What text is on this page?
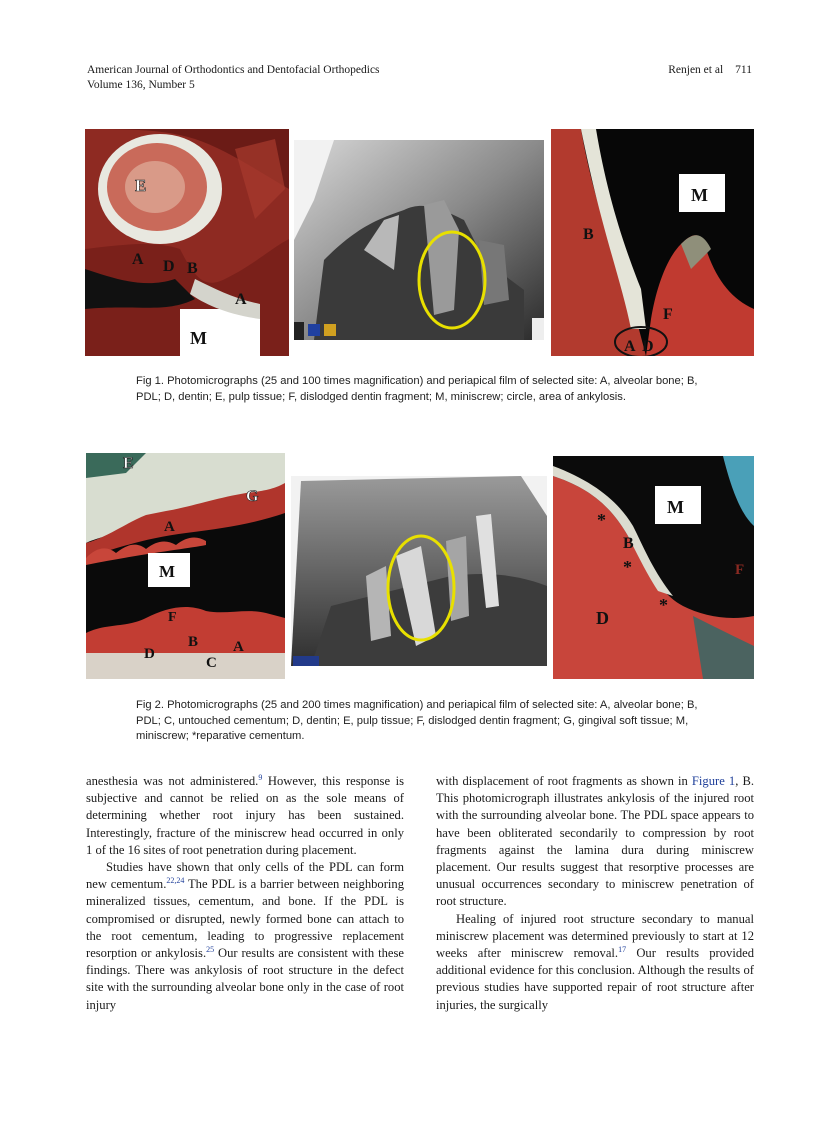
American Journal of Orthodontics and Dentofacial Orthopedics
Volume 136, Number 5
Renjen et al 711
E
A D B
A
M
M
B
F
A D
Fig 1. Photomicrographs (25 and 100 times magnification) and periapical film of selected site: A, alveolar bone; B, PDL; D, dentin; E, pulp tissue; F, dislodged dentin fragment; M, miniscrew; circle, area of ankylosis.
E
G
A
M
F
D
B
C
A
M
B
D
F
*
*
*
Fig 2. Photomicrographs (25 and 200 times magnification) and periapical film of selected site: A, alveolar bone; B, PDL; C, untouched cementum; D, dentin; E, pulp tissue; F, dislodged dentin fragment; G, gingival soft tissue; M, miniscrew; *reparative cementum.

anesthesia was not administered.$^9$ However, this response is subjective and cannot be relied on as the sole means of determining whether root injury has been sustained. Interestingly, fracture of the miniscrew head occurred in only 1 of the 16 sites of root penetration during placement.

Studies have shown that only cells of the PDL can form new cementum.$^{22,24}$ The PDL is a barrier between neighboring mineralized tissues, cementum, and bone. If the PDL is compromised or disrupted, newly formed bone can attach to the root cementum, leading to progressive replacement resorption or ankylosis.$^{25}$ Our results are consistent with these findings. There was ankylosis of root structure in the defect site with the surrounding alveolar bone only in the case of root injury

with displacement of root fragments as shown in Figure 1, B. This photomicrograph illustrates ankylosis of the injured root with the surrounding alveolar bone. The PDL space appears to have been obliterated secondarily to compression by root fragments against the lamina dura during miniscrew placement. Our results suggest that resorptive processes are unusual occurrences secondary to miniscrew penetration of root structure.

Healing of injured root structure secondary to manual miniscrew placement was determined previously to start at 12 weeks after miniscrew removal.$^{17}$ Our results provided additional evidence for this conclusion. Although the results of previous studies have supported repair of root structure after injuries, the surgically
